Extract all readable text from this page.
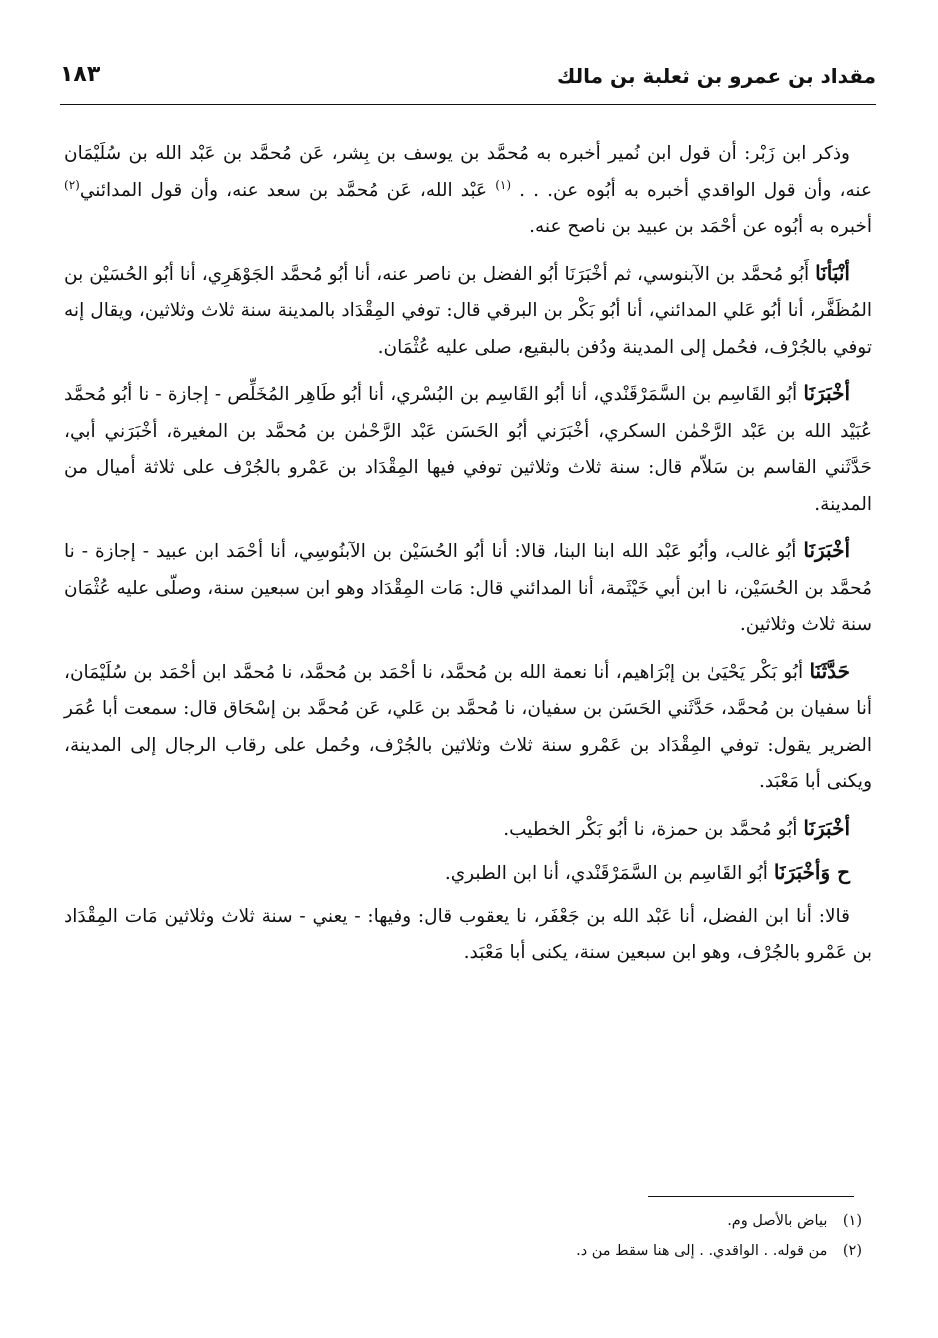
مقداد بن عمرو بن ثعلبة بن مالك
١٨٣

وذكر ابن زَبْر: أن قول ابن نُمير أخبره به مُحمَّد بن يوسف بن بِشر، عَن مُحمَّد بن عَبْد الله بن سُلَيْمَان عنه، وأن قول الواقدي أخبره به أبُوه عن. . . $^{(١)}$ عَبْد الله، عَن مُحمَّد بن سعد عنه، وأن قول المدائني$^{(٢)}$ أخبره به أبُوه عن أحْمَد بن عبيد بن ناصح عنه.

أنْبَأنَا أَبُو مُحمَّد بن الآبنوسي، ثم أخْبَرَنَا أبُو الفضل بن ناصر عنه، أنا أبُو مُحمَّد الجَوْهَرِي، أنا أبُو الحُسَيْن بن المُظَفَّر، أنا أبُو عَلي المدائني، أنا أبُو بَكْر بن البرقي قال: توفي المِقْدَاد بالمدينة سنة ثلاث وثلاثين، ويقال إنه توفي بالجُرْف، فحُمل إلى المدينة ودُفن بالبقيع، صلى عليه عُثْمَان.

أخْبَرَنَا أبُو القَاسِم بن السَّمَرْقَنْدي، أنا أبُو القَاسِم بن البُسْري، أنا أبُو طَاهِر المُخَلِّص - إجازة - نا أبُو مُحمَّد عُبَيْد الله بن عَبْد الرَّحْمٰن السكري، أخْبَرَني أبُو الحَسَن عَبْد الرَّحْمٰن بن مُحمَّد بن المغيرة، أخْبَرَني أبي، حَدَّثَني القاسم بن سَلاّم قال: سنة ثلاث وثلاثين توفي فيها المِقْدَاد بن عَمْرو بالجُرْف على ثلاثة أميال من المدينة.

أخْبَرَنَا أبُو غالب، وأبُو عَبْد الله ابنا البنا، قالا: أنا أبُو الحُسَيْن بن الآبنُوسِي، أنا أحْمَد ابن عبيد - إجازة - نا مُحمَّد بن الحُسَيْن، نا ابن أبي خَيْثَمة، أنا المدائني قال: مَات المِقْدَاد وهو ابن سبعين سنة، وصلّى عليه عُثْمَان سنة ثلاث وثلاثين.

حَدَّثَنَا أبُو بَكْر يَحْيَىٰ بن إبْرَاهيم، أنا نعمة الله بن مُحمَّد، نا أحْمَد بن مُحمَّد، نا مُحمَّد ابن أحْمَد بن سُلَيْمَان، أنا سفيان بن مُحمَّد، حَدَّثَني الحَسَن بن سفيان، نا مُحمَّد بن عَلي، عَن مُحمَّد بن إسْحَاق قال: سمعت أبا عُمَر الضرير يقول: توفي المِقْدَاد بن عَمْرو سنة ثلاث وثلاثين بالجُرْف، وحُمل على رقاب الرجال إلى المدينة، ويكنى أبا مَعْبَد.

أخْبَرَنَا أبُو مُحمَّد بن حمزة، نا أبُو بَكْر الخطيب.

ح وَأخْبَرَنَا أبُو القَاسِم بن السَّمَرْقَنْدي، أنا ابن الطبري.

قالا: أنا ابن الفضل، أنا عَبْد الله بن جَعْفَر، نا يعقوب قال: وفيها: - يعني - سنة ثلاث وثلاثين مَات المِقْدَاد بن عَمْرو بالجُرْف، وهو ابن سبعين سنة، يكنى أبا مَعْبَد.

(١) بياض بالأصل وم.
(٢) من قوله. . الواقدي. . إلى هنا سقط من د.
